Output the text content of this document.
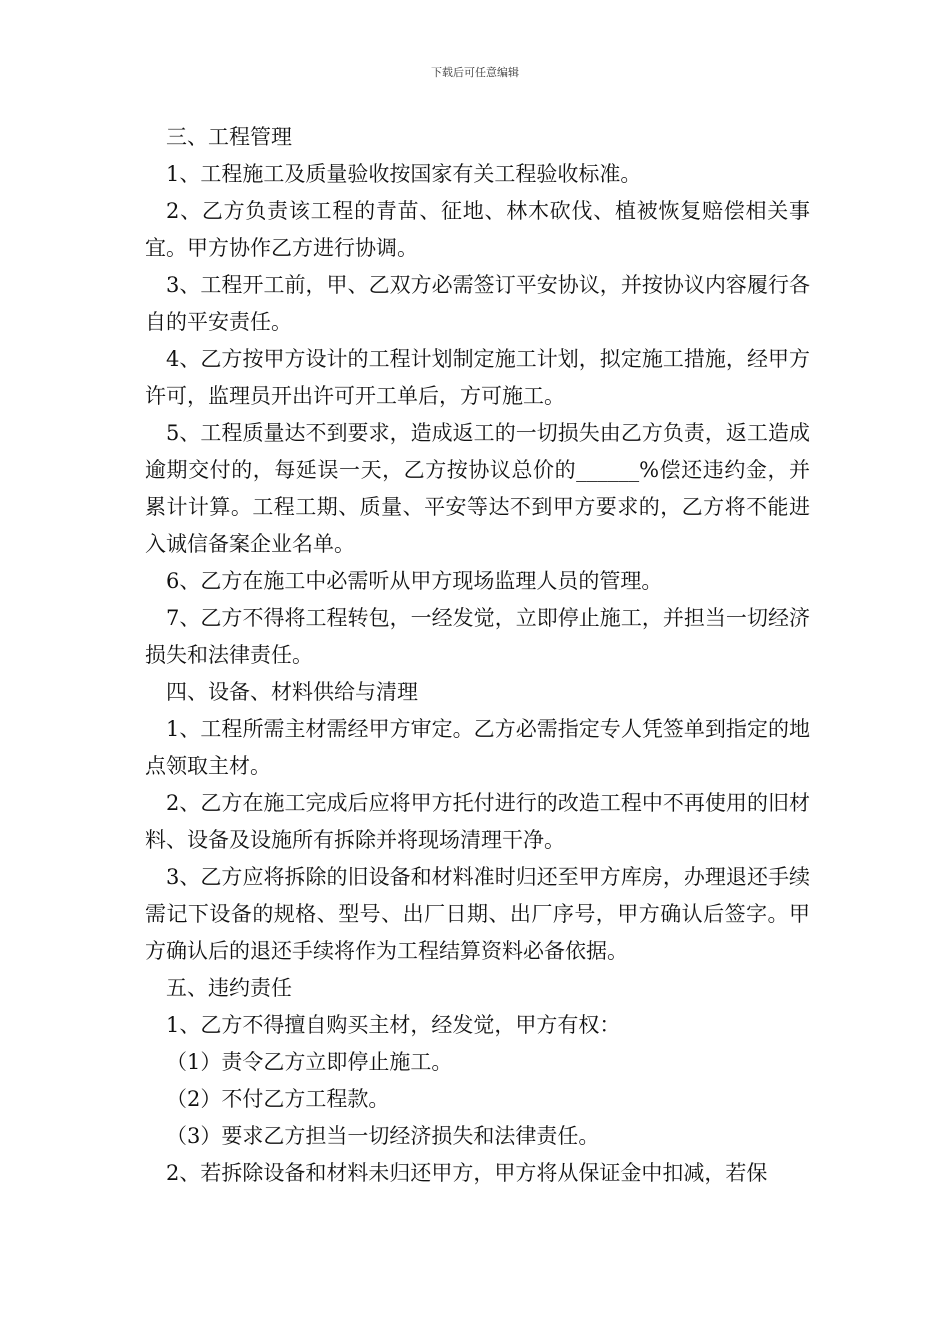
下载后可任意编辑

三、工程管理

1、工程施工及质量验收按国家有关工程验收标准。

2、乙方负责该工程的青苗、征地、林木砍伐、植被恢复赔偿相关事宜。甲方协作乙方进行协调。

3、工程开工前，甲、乙双方必需签订平安协议，并按协议内容履行各自的平安责任。

4、乙方按甲方设计的工程计划制定施工计划，拟定施工措施，经甲方许可，监理员开出许可开工单后，方可施工。

5、工程质量达不到要求，造成返工的一切损失由乙方负责，返工造成逾期交付的，每延误一天，乙方按协议总价的______%偿还违约金，并累计计算。工程工期、质量、平安等达不到甲方要求的，乙方将不能进入诚信备案企业名单。

6、乙方在施工中必需听从甲方现场监理人员的管理。

7、乙方不得将工程转包，一经发觉，立即停止施工，并担当一切经济损失和法律责任。

四、设备、材料供给与清理

1、工程所需主材需经甲方审定。乙方必需指定专人凭签单到指定的地点领取主材。

2、乙方在施工完成后应将甲方托付进行的改造工程中不再使用的旧材料、设备及设施所有拆除并将现场清理干净。

3、乙方应将拆除的旧设备和材料准时归还至甲方库房，办理退还手续需记下设备的规格、型号、出厂日期、出厂序号，甲方确认后签字。甲方确认后的退还手续将作为工程结算资料必备依据。

五、违约责任

1、乙方不得擅自购买主材，经发觉，甲方有权：

（1）责令乙方立即停止施工。

（2）不付乙方工程款。

（3）要求乙方担当一切经济损失和法律责任。

2、若拆除设备和材料未归还甲方，甲方将从保证金中扣减，若保
